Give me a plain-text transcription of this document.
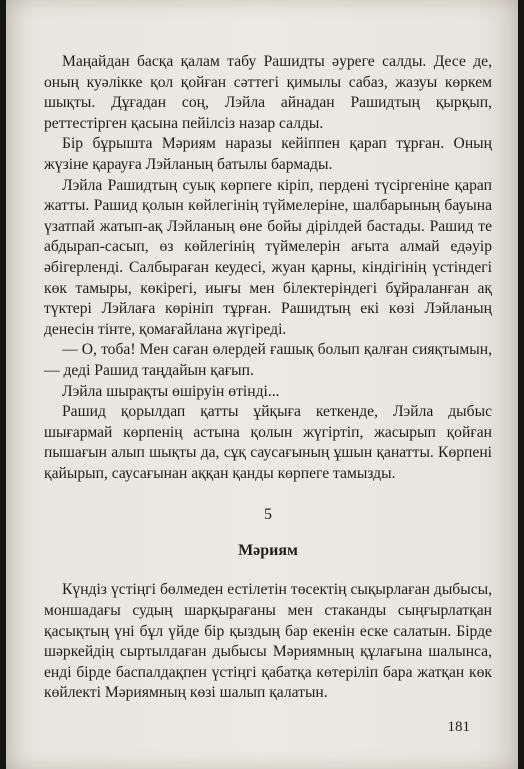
Маңайдан басқа қалам табу Рашидты әуреге салды. Десе де, оның куәлікке қол қойған сәттегі қимылы сабаз, жазуы көркем шықты. Дұғадан соң, Лэйла айнадан Рашидтың қырқып, реттестірген қасына пейілсіз назар салды.

Бір бұрышта Мәриям наразы кейіппен қарап тұрған. Оның жүзіне қарауға Лэйланың батылы бармады.

Лэйла Рашидтың суық көрпеге кіріп, пердені түсіргеніне қарап жатты. Рашид қолын көйлегінің түймелеріне, шалбарының бауына үзатпай жатып-ақ Лэйланың өне бойы дірілдей бастады. Рашид те абдырап-сасып, өз көйлегінің түймелерін ағыта алмай едәуір әбігерленді. Салбыраған кеудесі, жуан қарны, кіндігінің үстіндегі көк тамыры, көкірегі, иығы мен білектеріндегі бұйраланған ақ түктері Лэйлаға көрініп тұрған. Рашидтың екі көзі Лэйланың денесін тінте, қомағайлана жүгіреді.

— О, тоба! Мен саған өлердей ғашық болып қалған сияқтымын, — деді Рашид таңдайын қағып.

Лэйла шырақты өшіруін өтінді...

Рашид қорылдап қатты ұйқыға кеткенде, Лэйла дыбыс шығармай көрпенің астына қолын жүгіртіп, жасырып қойған пышағын алып шықты да, сұқ саусағының ұшын қанатты. Көрпені қайырып, саусағынан аққан қанды көрпеге тамызды.

5
Мәриям

Күндіз үстіңгі бөлмеден естілетін төсектің сықырлаған дыбысы, моншадағы судың шарқырағаны мен стаканды сыңғырлатқан қасықтың үні бұл үйде бір қыздың бар екенін еске салатын. Бірде шәркейдің сыртылдаған дыбысы Мәриямның құлағына шалынса, енді бірде баспалдақпен үстіңгі қабатқа көтеріліп бара жатқан көк көйлекті Мәриямның көзі шалып қалатын.

181
